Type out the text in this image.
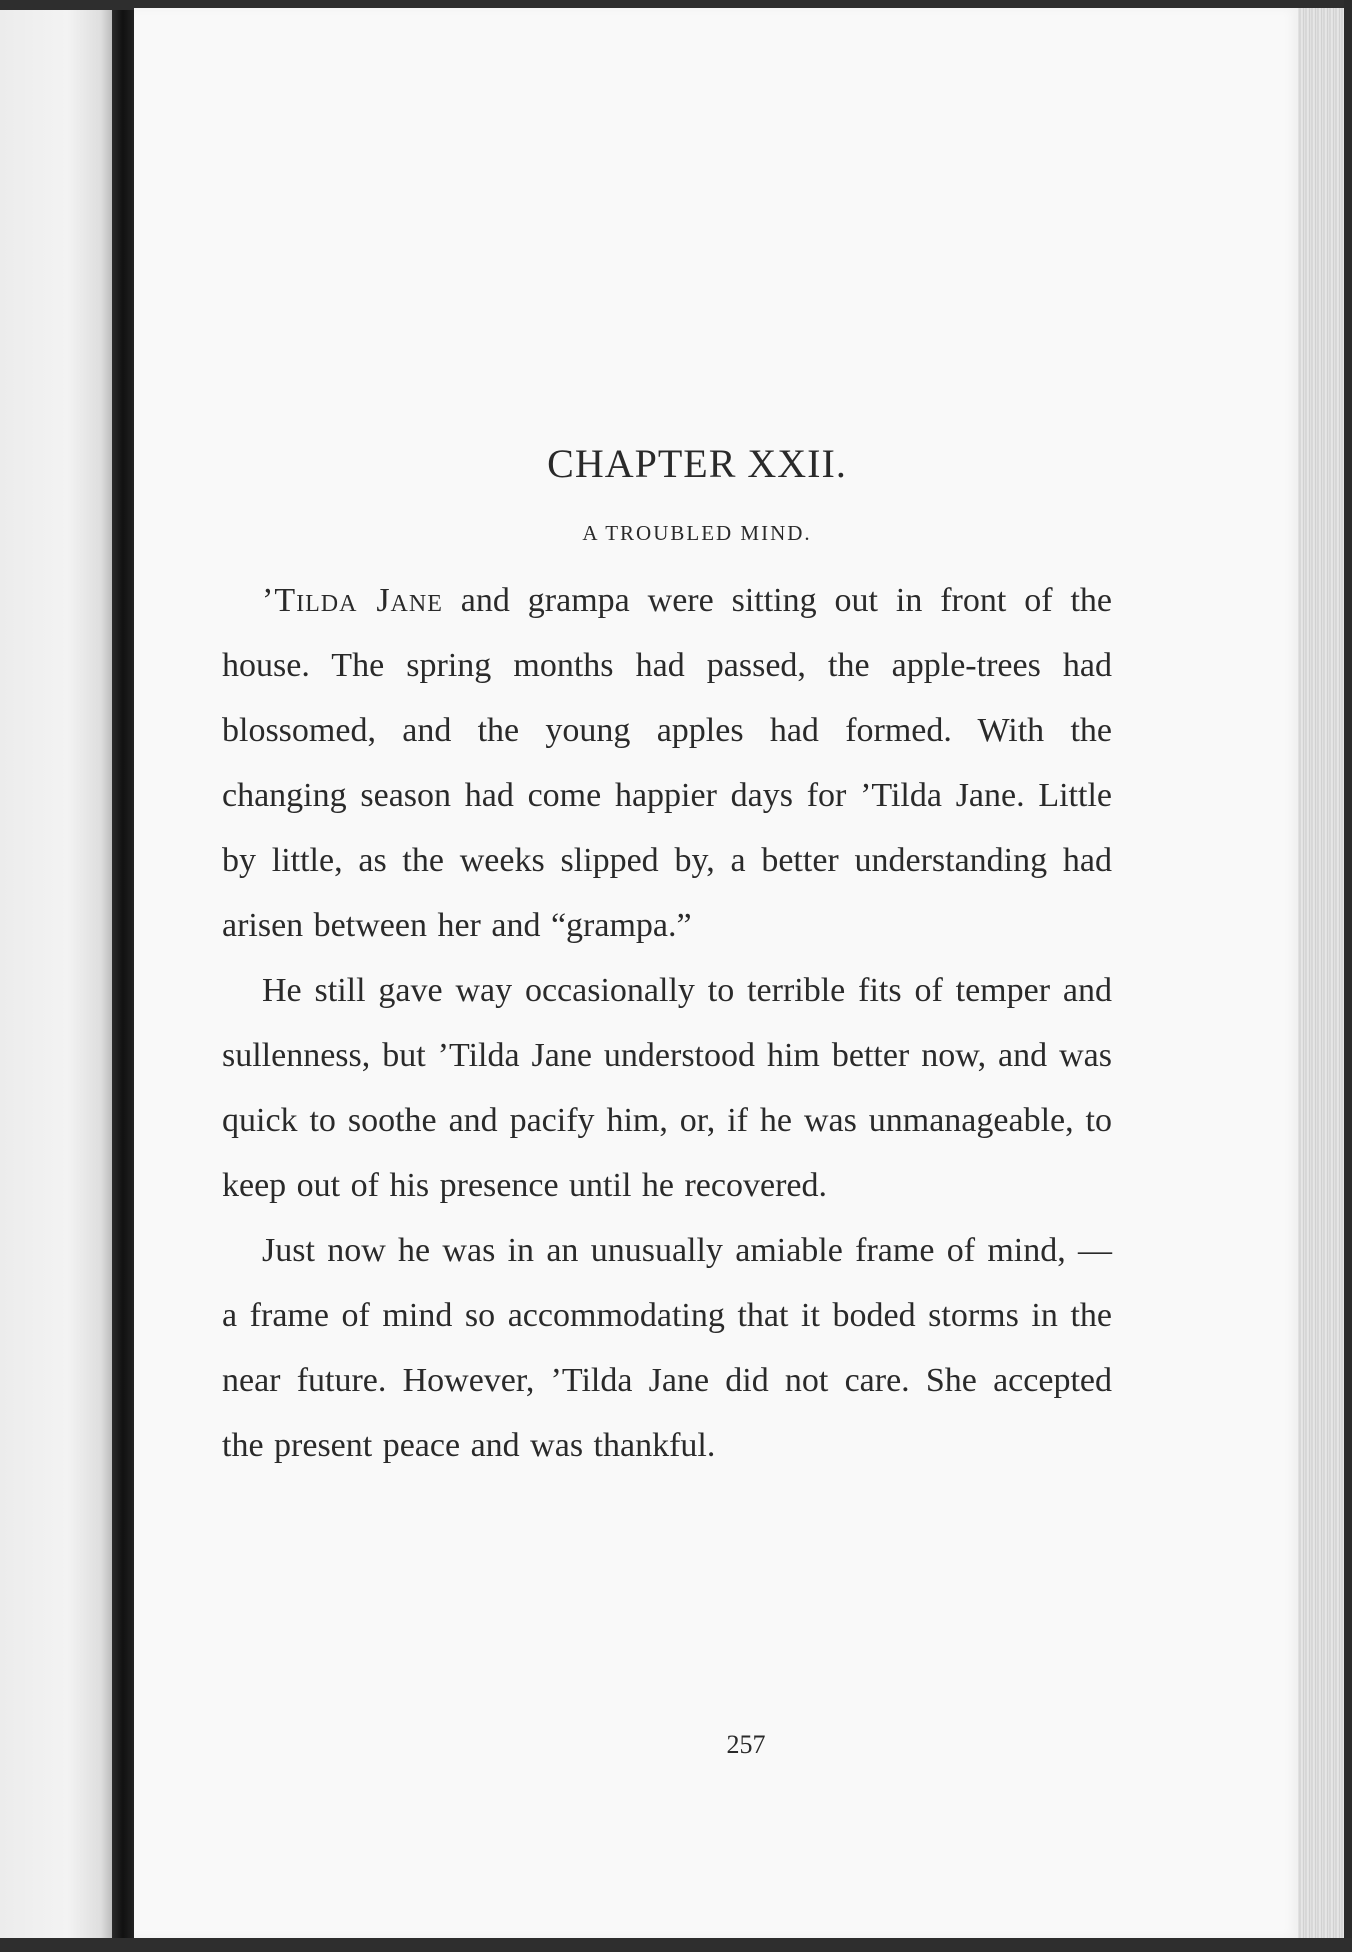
CHAPTER XXII.
A TROUBLED MIND.

’Tilda Jane and grampa were sitting out in front of the house. The spring months had passed, the apple-trees had blossomed, and the young apples had formed. With the changing season had come happier days for ’Tilda Jane. Little by little, as the weeks slipped by, a better understanding had arisen between her and “grampa.”

He still gave way occasionally to terrible fits of temper and sullenness, but ’Tilda Jane understood him better now, and was quick to soothe and pacify him, or, if he was unmanageable, to keep out of his presence until he recovered.

Just now he was in an unusually amiable frame of mind, — a frame of mind so accommodating that it boded storms in the near future. However, ’Tilda Jane did not care. She accepted the present peace and was thankful.

257
